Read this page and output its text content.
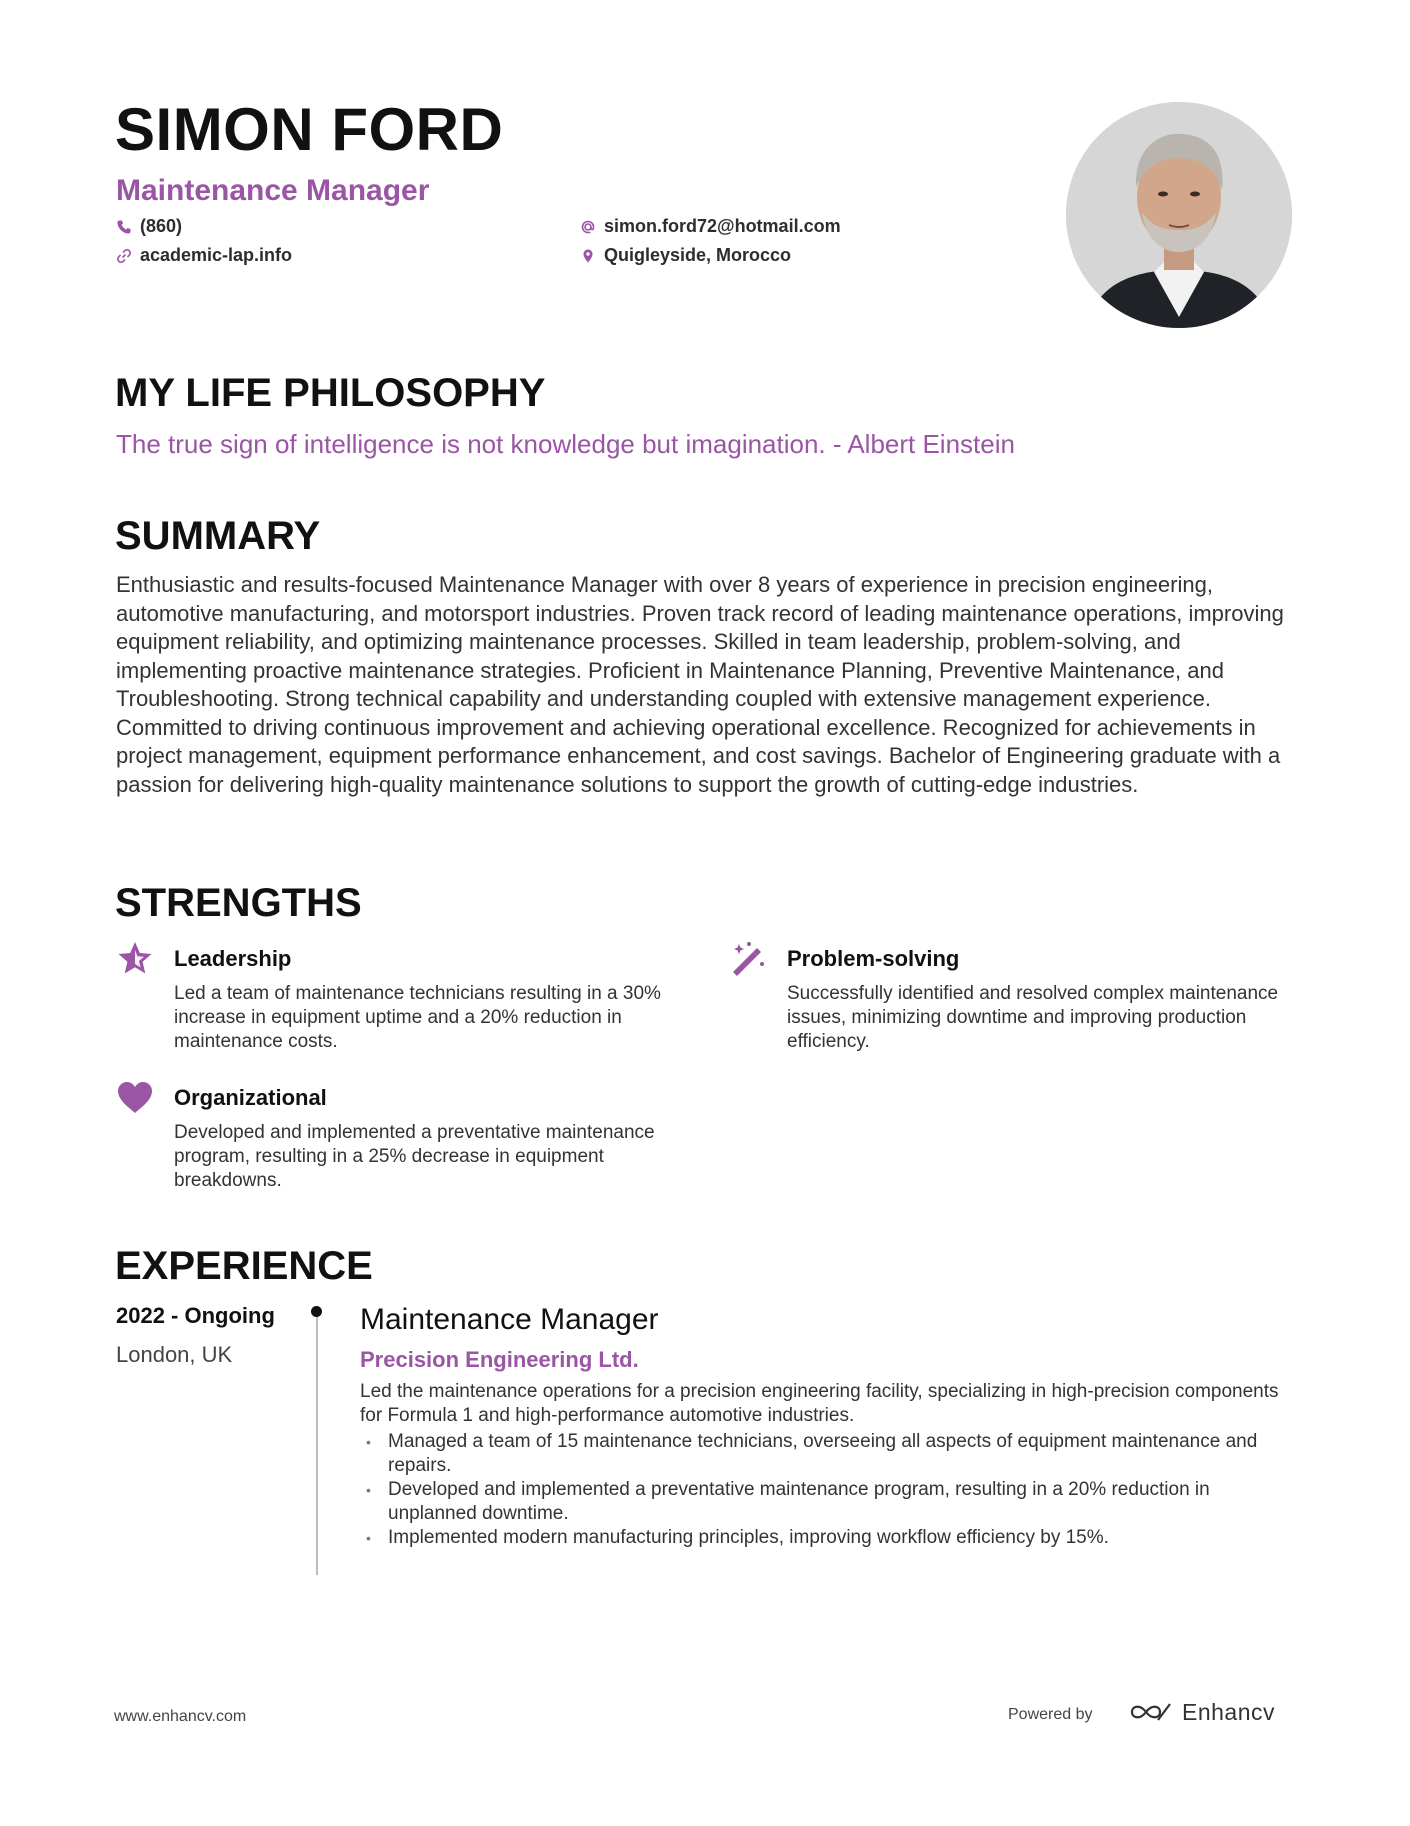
SIMON FORD
Maintenance Manager
(860)	simon.ford72@hotmail.com
academic-lap.info	Quigleyside, Morocco
MY LIFE PHILOSOPHY
The true sign of intelligence is not knowledge but imagination. - Albert Einstein
SUMMARY

Enthusiastic and results-focused Maintenance Manager with over 8 years of experience in precision engineering, automotive manufacturing, and motorsport industries. Proven track record of leading maintenance operations, improving equipment reliability, and optimizing maintenance processes. Skilled in team leadership, problem-solving, and implementing proactive maintenance strategies. Proficient in Maintenance Planning, Preventive Maintenance, and Troubleshooting. Strong technical capability and understanding coupled with extensive management experience. Committed to driving continuous improvement and achieving operational excellence. Recognized for achievements in project management, equipment performance enhancement, and cost savings. Bachelor of Engineering graduate with a passion for delivering high-quality maintenance solutions to support the growth of cutting-edge industries.

STRENGTHS
Leadership

Led a team of maintenance technicians resulting in a 30% increase in equipment uptime and a 20% reduction in maintenance costs.

Problem-solving

Successfully identified and resolved complex maintenance issues, minimizing downtime and improving production efficiency.

Organizational

Developed and implemented a preventative maintenance program, resulting in a 25% decrease in equipment breakdowns.

EXPERIENCE
2022 - Ongoing
London, UK
Maintenance Manager
Precision Engineering Ltd.

Led the maintenance operations for a precision engineering facility, specializing in high-precision components for Formula 1 and high-performance automotive industries.

• Managed a team of 15 maintenance technicians, overseeing all aspects of equipment maintenance and repairs.
• Developed and implemented a preventative maintenance program, resulting in a 20% reduction in unplanned downtime.
• Implemented modern manufacturing principles, improving workflow efficiency by 15%.
www.enhancv.com	Powered by	Enhancv
